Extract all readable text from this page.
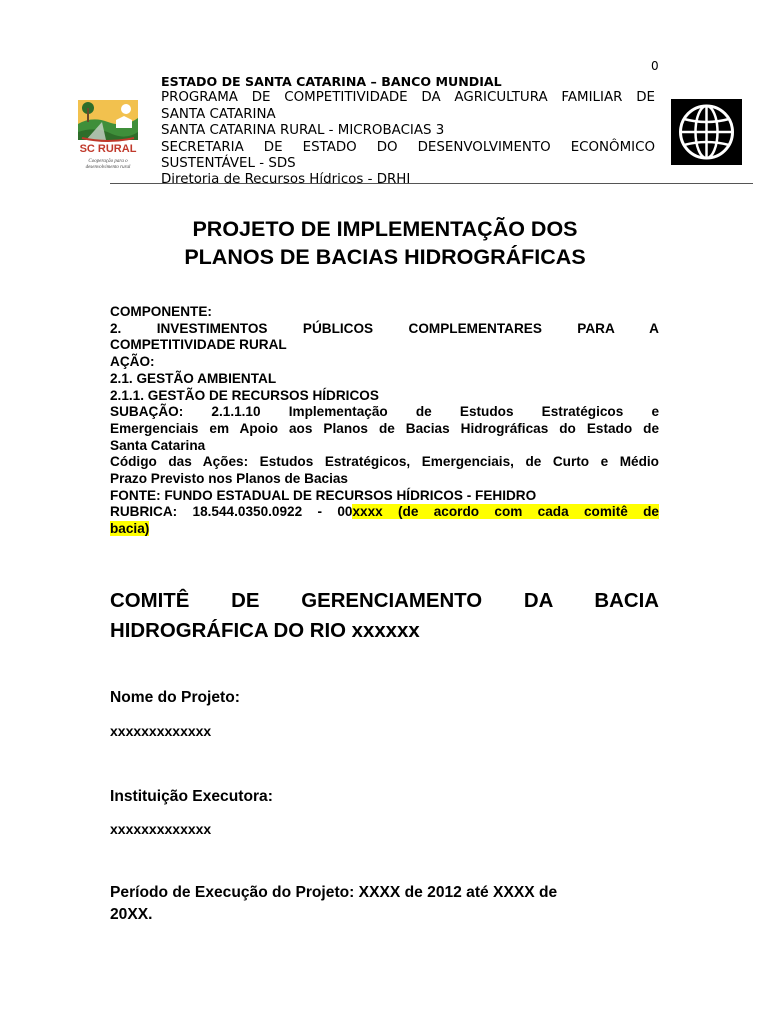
0
SC RURAL
Cooperação para o
desenvolvimento rural
ESTADO DE SANTA CATARINA – BANCO MUNDIAL
PROGRAMA DE COMPETITIVIDADE DA AGRICULTURA FAMILIAR DE
SANTA CATARINA
SANTA CATARINA RURAL - MICROBACIAS 3
SECRETARIA DE ESTADO DO DESENVOLVIMENTO ECONÔMICO
SUSTENTÁVEL - SDS
Diretoria de Recursos Hídricos - DRHI
PROJETO DE IMPLEMENTAÇÃO DOS
PLANOS DE BACIAS HIDROGRÁFICAS
COMPONENTE:
2. INVESTIMENTOS PÚBLICOS COMPLEMENTARES PARA A
COMPETITIVIDADE RURAL
AÇÃO:
2.1. GESTÃO AMBIENTAL
2.1.1. GESTÃO DE RECURSOS HÍDRICOS
SUBAÇÃO: 2.1.1.10 Implementação de Estudos Estratégicos e
Emergenciais em Apoio aos Planos de Bacias Hidrográficas do Estado de
Santa Catarina
Código das Ações: Estudos Estratégicos, Emergenciais, de Curto e Médio
Prazo Previsto nos Planos de Bacias
FONTE: FUNDO ESTADUAL DE RECURSOS HÍDRICOS - FEHIDRO
RUBRICA: 18.544.0350.0922 - 00xxxx (de acordo com cada comitê de
bacia)
COMITÊ DE GERENCIAMENTO DA BACIA
HIDROGRÁFICA DO RIO xxxxxx
Nome do Projeto:
xxxxxxxxxxxxx
Instituição Executora:
xxxxxxxxxxxxx
Período de Execução do Projeto: XXXX de 2012 até XXXX de
20XX.
